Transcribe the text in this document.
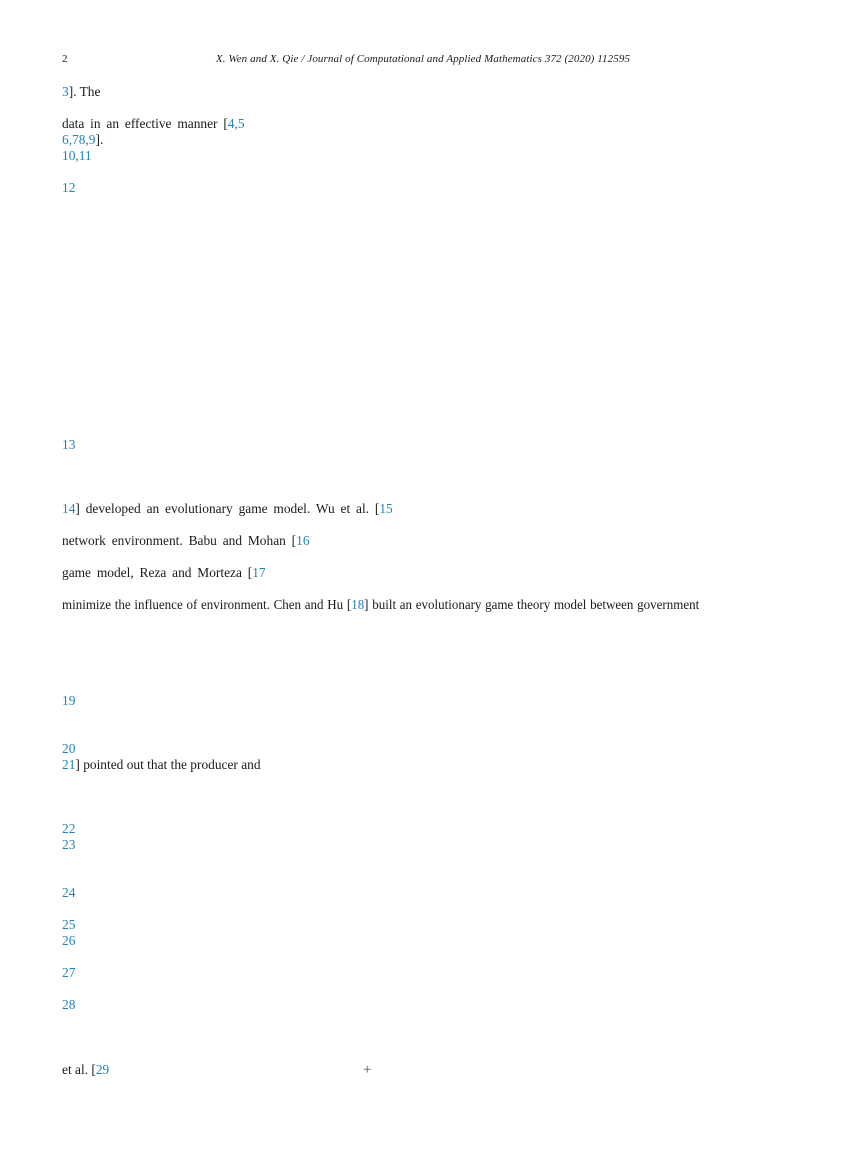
2	X. Wen and X. Qie / Journal of Computational and Applied Mathematics 372 (2020) 112595
3]. The
data in an effective manner [4,5
6,78,9].
10,11
12
13
14] developed an evolutionary game model. Wu et al. [15
network environment. Babu and Mohan [16
game model, Reza and Morteza [17
minimize the influence of environment. Chen and Hu [18] built an evolutionary game theory model between government
19
20
21] pointed out that the producer and
22
23
24
25
26
27
28
et al. [29	+
